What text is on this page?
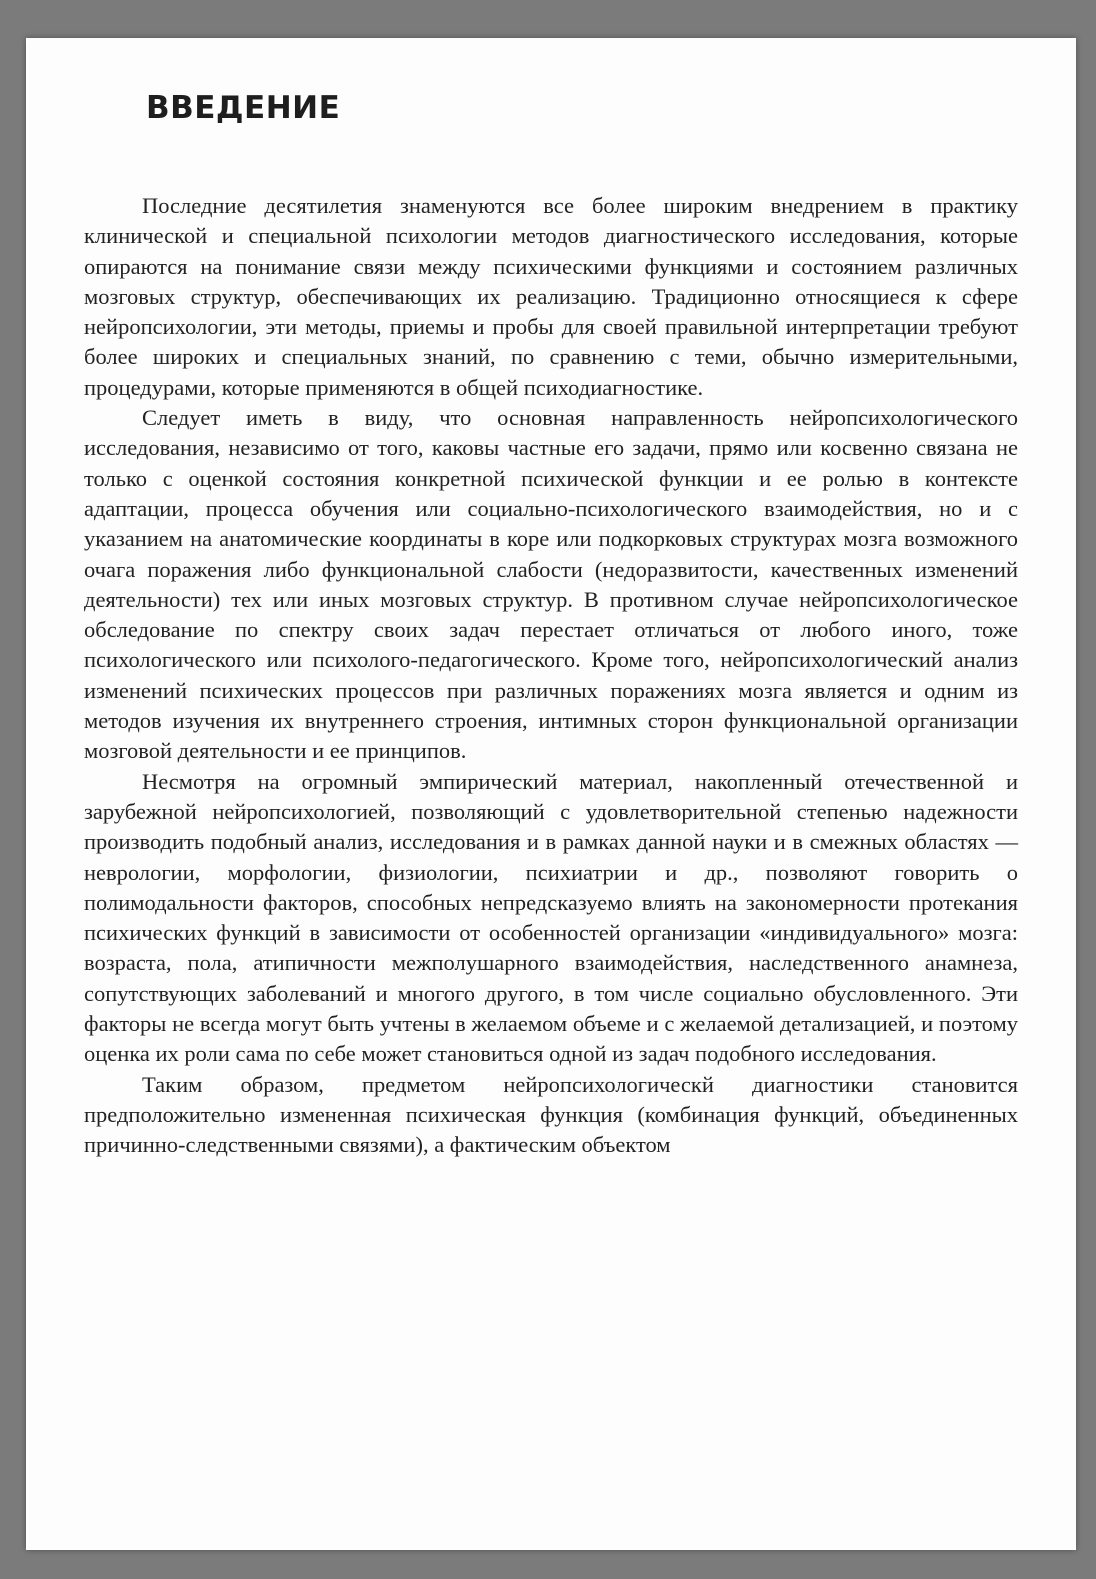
ВВЕДЕНИЕ

Последние десятилетия знаменуются все более широким внедрением в практику клинической и специальной психологии методов диагностического исследования, которые опираются на понимание связи между психическими функциями и состоянием различных мозговых структур, обеспечивающих их реализацию. Традиционно относящиеся к сфере нейропсихологии, эти методы, приемы и пробы для своей правильной интерпретации требуют более широких и специальных знаний, по сравнению с теми, обычно измерительными, процедурами, которые применяются в общей психодиагностике.

Следует иметь в виду, что основная направленность нейропсихологического исследования, независимо от того, каковы частные его задачи, прямо или косвенно связана не только с оценкой состояния конкретной психической функции и ее ролью в контексте адаптации, процесса обучения или социально-психологического взаимодействия, но и с указанием на анатомические координаты в коре или подкорковых структурах мозга возможного очага поражения либо функциональной слабости (недоразвитости, качественных изменений деятельности) тех или иных мозговых структур. В противном случае нейропсихологическое обследование по спектру своих задач перестает отличаться от любого иного, тоже психологического или психолого-педагогического. Кроме того, нейропсихологический анализ изменений психических процессов при различных поражениях мозга является и одним из методов изучения их внутреннего строения, интимных сторон функциональной организации мозговой деятельности и ее принципов.

Несмотря на огромный эмпирический материал, накопленный отечественной и зарубежной нейропсихологией, позволяющий с удовлетворительной степенью надежности производить подобный анализ, исследования и в рамках данной науки и в смежных областях — неврологии, морфологии, физиологии, психиатрии и др., позволяют говорить о полимодальности факторов, способных непредсказуемо влиять на закономерности протекания психических функций в зависимости от особенностей организации «индивидуального» мозга: возраста, пола, атипичности межполушарного взаимодействия, наследственного анамнеза, сопутствующих заболеваний и многого другого, в том числе социально обусловленного. Эти факторы не всегда могут быть учтены в желаемом объеме и с желаемой детализацией, и поэтому оценка их роли сама по себе может становиться одной из задач подобного исследования.

Таким образом, предметом нейропсихологическй диагностики становится предположительно измененная психическая функция (комбинация функций, объединенных причинно-следственными связями), а фактическим объектом
